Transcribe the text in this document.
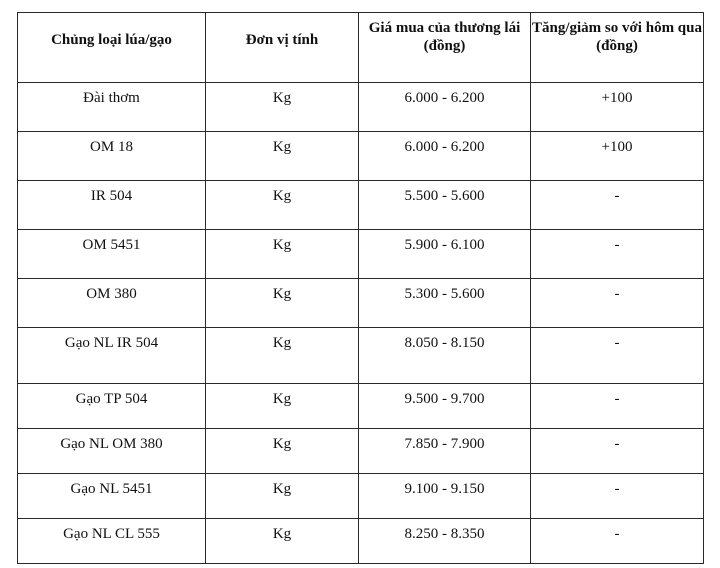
Chủng loại lúa/gạo	Đơn vị tính	Giá mua của thương lái (đồng)	Tăng/giảm so với hôm qua (đồng)
Đài thơm	Kg	6.000 - 6.200	+100
OM 18	Kg	6.000 - 6.200	+100
IR 504	Kg	5.500 - 5.600	-
OM 5451	Kg	5.900 - 6.100	-
OM 380	Kg	5.300 - 5.600	-
Gạo NL IR 504	Kg	8.050 - 8.150	-
Gạo TP 504	Kg	9.500 - 9.700	-
Gạo NL OM 380	Kg	7.850 - 7.900	-
Gạo NL 5451	Kg	9.100 - 9.150	-
Gạo NL CL 555	Kg	8.250 - 8.350	-
